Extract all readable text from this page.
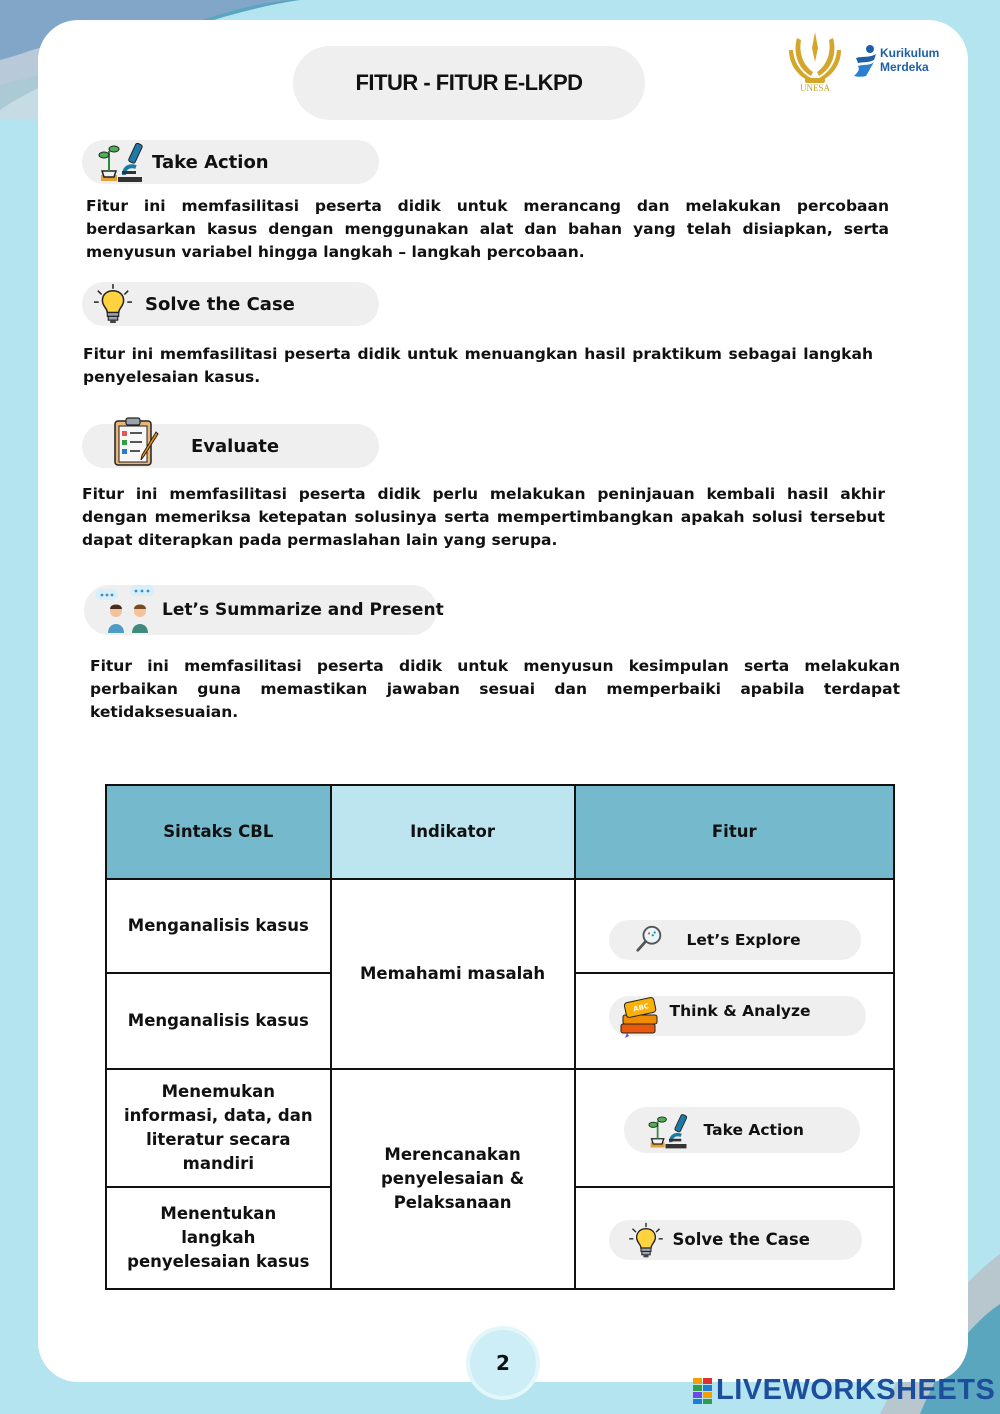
FITUR - FITUR E-LKPD	UNESA
Kurikulum
Merdeka
Take Action
Fitur ini memfasilitasi peserta didik untuk merancang dan melakukan percobaan berdasarkan kasus dengan menggunakan alat dan bahan yang telah disiapkan, serta menyusun variabel hingga langkah – langkah percobaan.
Solve the Case
Fitur ini memfasilitasi peserta didik untuk menuangkan hasil praktikum sebagai langkah penyelesaian kasus.
Evaluate
Fitur ini memfasilitasi peserta didik perlu melakukan peninjauan kembali hasil akhir dengan memeriksa ketepatan solusinya serta mempertimbangkan apakah solusi tersebut dapat diterapkan pada permaslahan lain yang serupa.
Let’s Summarize and Present
Fitur ini memfasilitasi peserta didik untuk menyusun kesimpulan serta melakukan perbaikan guna memastikan jawaban sesuai dan memperbaiki apabila terdapat ketidaksesuaian.
Sintaks CBL	Indikator	Fitur
Menganalisis kasus	Memahami masalah	Let’s Explore

Menganalisis kasus		ABC Think & Analyze

Menemukan informasi, data, dan literatur secara mandiri	Merencanakan penyelesaian & Pelaksanaan	Take Action

Menentukan langkah penyelesaian kasus		Solve the Case
2
LIVEWORKSHEETS
